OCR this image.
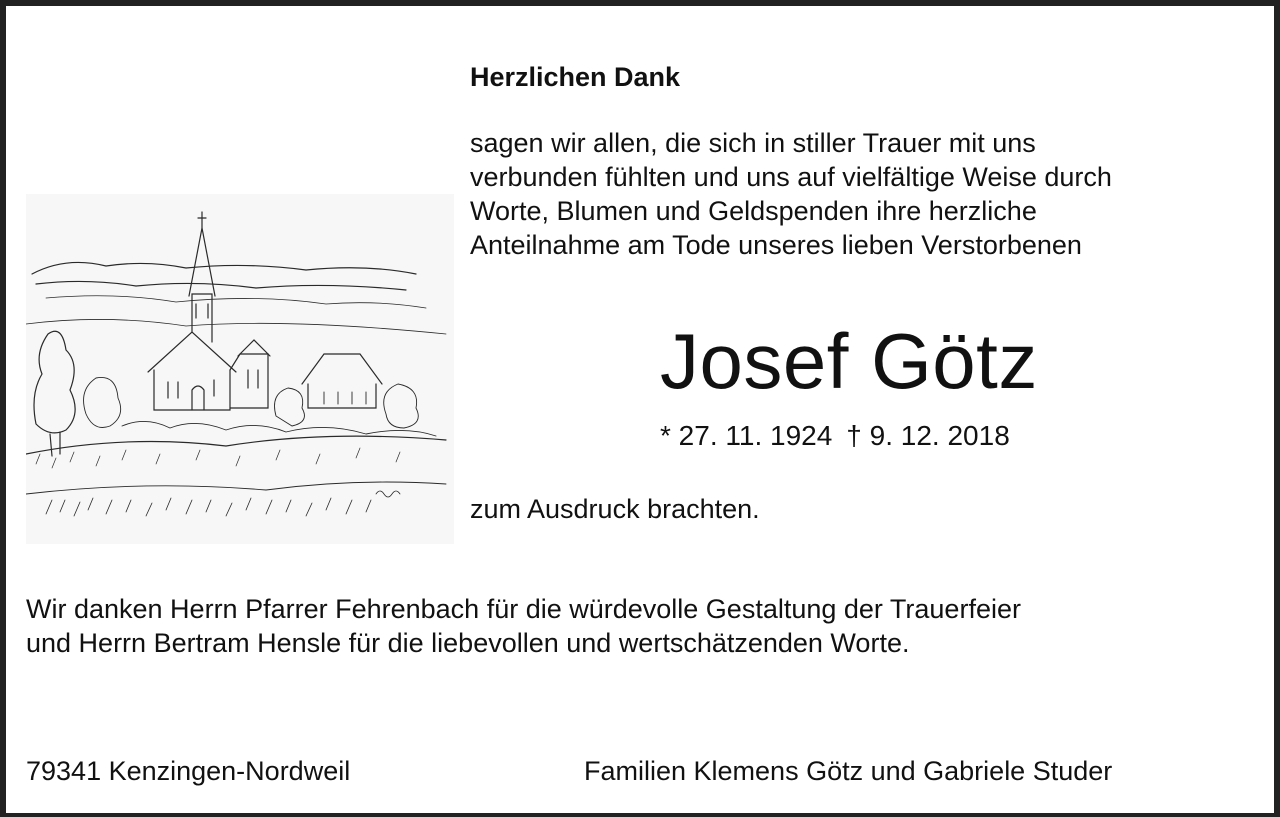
Herzlichen Dank
sagen wir allen, die sich in stiller Trauer mit uns
verbunden fühlten und uns auf vielfältige Weise durch
Worte, Blumen und Geldspenden ihre herzliche
Anteilnahme am Tode unseres lieben Verstorbenen
Josef Götz
* 27. 11. 1924 † 9. 12. 2018
zum Ausdruck brachten.
Wir danken Herrn Pfarrer Fehrenbach für die würdevolle Gestaltung der Trauerfeier
und Herrn Bertram Hensle für die liebevollen und wertschätzenden Worte.
79341 Kenzingen-Nordweil	Familien Klemens Götz und Gabriele Studer
